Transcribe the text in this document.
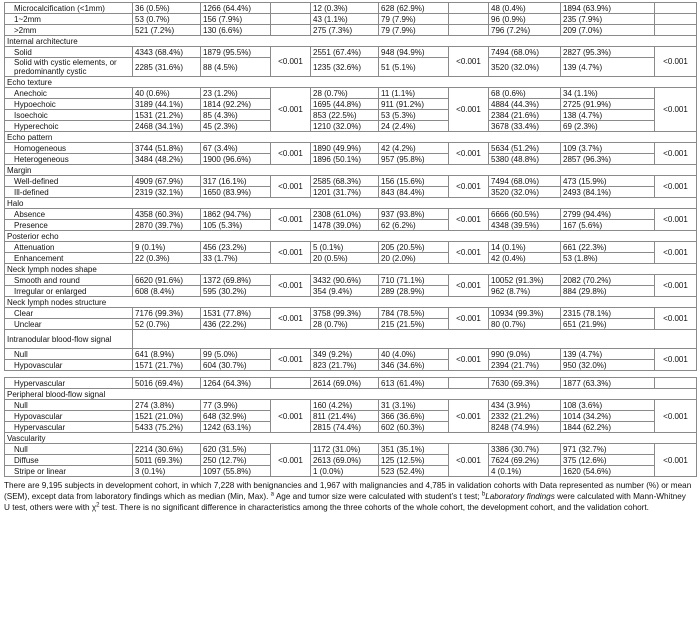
Microcalcification (<1mm)	36 (0.5%)	1266 (64.4%)		12 (0.3%)	628 (62.9%)		48 (0.4%)	1894 (63.9%)	
1~2mm	53 (0.7%)	156 (7.9%)		43 (1.1%)	79 (7.9%)		96 (0.9%)	235 (7.9%)	
>2mm	521 (7.2%)	130 (6.6%)		275 (7.3%)	79 (7.9%)		796 (7.2%)	209 (7.0%)	
Internal architecture									
Solid	4343 (68.4%)	1879 (95.5%)	<0.001	2551 (67.4%)	948 (94.9%)	<0.001	7494 (68.0%)	2827 (95.3%)	<0.001
Solid with cystic elements, or predominantly cystic	2285 (31.6%)	88 (4.5%)		1235 (32.6%)	51 (5.1%)		3520 (32.0%)	139 (4.7%)	
Echo texture									
Anechoic	40 (0.6%)	23 (1.2%)	<0.001	28 (0.7%)	11 (1.1%)	<0.001	68 (0.6%)	34 (1.1%)	<0.001
Hypoechoic	3189 (44.1%)	1814 (92.2%)		1695 (44.8%)	911 (91.2%)		4884 (44.3%)	2725 (91.9%)	
Isoechoic	1531 (21.2%)	85 (4.3%)		853 (22.5%)	53 (5.3%)		2384 (21.6%)	138 (4.7%)	
Hyperechoic	2468 (34.1%)	45 (2.3%)		1210 (32.0%)	24 (2.4%)		3678 (33.4%)	69 (2.3%)	
Echo pattern									
Homogeneous	3744 (51.8%)	67 (3.4%)	<0.001	1890 (49.9%)	42 (4.2%)	<0.001	5634 (51.2%)	109 (3.7%)	<0.001
Heterogeneous	3484 (48.2%)	1900 (96.6%)		1896 (50.1%)	957 (95.8%)		5380 (48.8%)	2857 (96.3%)	
Margin									
Well-defined	4909 (67.9%)	317 (16.1%)	<0.001	2585 (68.3%)	156 (15.6%)	<0.001	7494 (68.0%)	473 (15.9%)	<0.001
Ill-defined	2319 (32.1%)	1650 (83.9%)		1201 (31.7%)	843 (84.4%)		3520 (32.0%)	2493 (84.1%)	
Halo									
Absence	4358 (60.3%)	1862 (94.7%)	<0.001	2308 (61.0%)	937 (93.8%)	<0.001	6666 (60.5%)	2799 (94.4%)	<0.001
Presence	2870 (39.7%)	105 (5.3%)		1478 (39.0%)	62 (6.2%)		4348 (39.5%)	167 (5.6%)	
Posterior echo									
Attenuation	9 (0.1%)	456 (23.2%)	<0.001	5 (0.1%)	205 (20.5%)	<0.001	14 (0.1%)	661 (22.3%)	<0.001
Enhancement	22 (0.3%)	33 (1.7%)		20 (0.5%)	20 (2.0%)		42 (0.4%)	53 (1.8%)	
Neck lymph nodes shape									
Smooth and round	6620 (91.6%)	1372 (69.8%)	<0.001	3432 (90.6%)	710 (71.1%)	<0.001	10052 (91.3%)	2082 (70.2%)	<0.001
Irregular or enlarged	608 (8.4%)	595 (30.2%)		354 (9.4%)	289 (28.9%)		962 (8.7%)	884 (29.8%)	
Neck lymph nodes structure									
Clear	7176 (99.3%)	1531 (77.8%)	<0.001	3758 (99.3%)	784 (78.5%)	<0.001	10934 (99.3%)	2315 (78.1%)	<0.001
Unclear	52 (0.7%)	436 (22.2%)		28 (0.7%)	215 (21.5%)		80 (0.7%)	651 (21.9%)	
Intranodular blood-flow signal									
Null	641 (8.9%)	99 (5.0%)	<0.001	349 (9.2%)	40 (4.0%)	<0.001	990 (9.0%)	139 (4.7%)	<0.001
Hypovascular	1571 (21.7%)	604 (30.7%)		823 (21.7%)	346 (34.6%)		2394 (21.7%)	950 (32.0%)	
Hypervascular	5016 (69.4%)	1264 (64.3%)		2614 (69.0%)	613 (61.4%)		7630 (69.3%)	1877 (63.3%)	
Peripheral blood-flow signal									
Null	274 (3.8%)	77 (3.9%)	<0.001	160 (4.2%)	31 (3.1%)	<0.001	434 (3.9%)	108 (3.6%)	<0.001
Hypovascular	1521 (21.0%)	648 (32.9%)		811 (21.4%)	366 (36.6%)		2332 (21.2%)	1014 (34.2%)	
Hypervascular	5433 (75.2%)	1242 (63.1%)		2815 (74.4%)	602 (60.3%)		8248 (74.9%)	1844 (62.2%)	
Vascularity									
Null	2214 (30.6%)	620 (31.5%)	<0.001	1172 (31.0%)	351 (35.1%)	<0.001	3386 (30.7%)	971 (32.7%)	<0.001
Diffuse	5011 (69.3%)	250 (12.7%)		2613 (69.0%)	125 (12.5%)		7624 (69.2%)	375 (12.6%)	
Stripe or linear	3 (0.1%)	1097 (55.8%)		1 (0.0%)	523 (52.4%)		4 (0.1%)	1620 (54.6%)	
There are 9,195 subjects in development cohort, in which 7,228 with benignancies and 1,967 with malignancies and 4,785 in validation cohorts with Data represented as number (%) or mean (SEM), except data from laboratory findings which as median (Min, Max). $^a$ Age and tumor size were calculated with student’s t test; $^b$Laboratory findings were calculated with Mann-Whitney U test, others were with $\chi^2$ test. There is no significant difference in characteristics among the three cohorts of the whole cohort, the development cohort, and the validation cohort.
